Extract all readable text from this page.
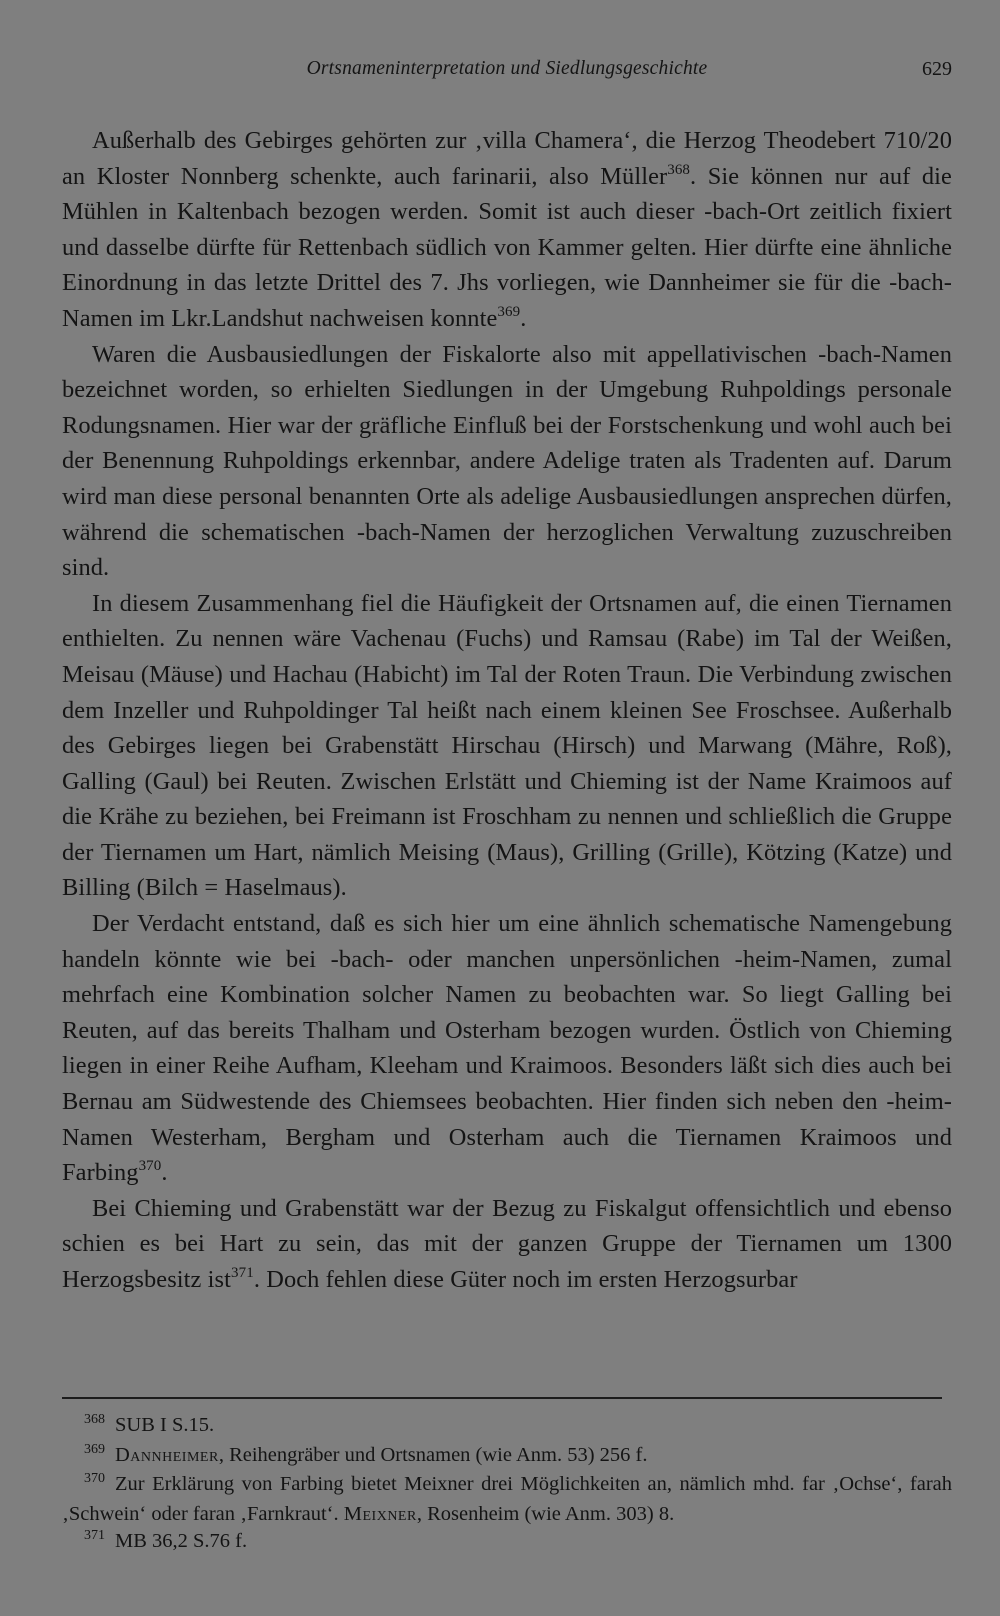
Ortsnameninterpretation und Siedlungsgeschichte	629

Außerhalb des Gebirges gehörten zur ‚villa Chamera‘, die Herzog Theodebert 710/20 an Kloster Nonnberg schenkte, auch farinarii, also Müller$^{368}$. Sie können nur auf die Mühlen in Kaltenbach bezogen werden. Somit ist auch dieser -bach-Ort zeitlich fixiert und dasselbe dürfte für Rettenbach südlich von Kammer gelten. Hier dürfte eine ähnliche Einordnung in das letzte Drittel des 7. Jhs vorliegen, wie Dannheimer sie für die -bach-Namen im Lkr.Landshut nachweisen konnte$^{369}$.

Waren die Ausbausiedlungen der Fiskalorte also mit appellativischen -bach-Namen bezeichnet worden, so erhielten Siedlungen in der Umgebung Ruhpoldings personale Rodungsnamen. Hier war der gräfliche Einfluß bei der Forstschenkung und wohl auch bei der Benennung Ruhpoldings erkennbar, andere Adelige traten als Tradenten auf. Darum wird man diese personal benannten Orte als adelige Ausbausiedlungen ansprechen dürfen, während die schematischen -bach-Namen der herzoglichen Verwaltung zuzuschreiben sind.

In diesem Zusammenhang fiel die Häufigkeit der Ortsnamen auf, die einen Tiernamen enthielten. Zu nennen wäre Vachenau (Fuchs) und Ramsau (Rabe) im Tal der Weißen, Meisau (Mäuse) und Hachau (Habicht) im Tal der Roten Traun. Die Verbindung zwischen dem Inzeller und Ruhpoldinger Tal heißt nach einem kleinen See Froschsee. Außerhalb des Gebirges liegen bei Grabenstätt Hirschau (Hirsch) und Marwang (Mähre, Roß), Galling (Gaul) bei Reuten. Zwischen Erlstätt und Chieming ist der Name Kraimoos auf die Krähe zu beziehen, bei Freimann ist Froschham zu nennen und schließlich die Gruppe der Tiernamen um Hart, nämlich Meising (Maus), Grilling (Grille), Kötzing (Katze) und Billing (Bilch = Haselmaus).

Der Verdacht entstand, daß es sich hier um eine ähnlich schematische Namengebung handeln könnte wie bei -bach- oder manchen unpersönlichen -heim-Namen, zumal mehrfach eine Kombination solcher Namen zu beobachten war. So liegt Galling bei Reuten, auf das bereits Thalham und Osterham bezogen wurden. Östlich von Chieming liegen in einer Reihe Aufham, Kleeham und Kraimoos. Besonders läßt sich dies auch bei Bernau am Südwestende des Chiemsees beobachten. Hier finden sich neben den -heim-Namen Westerham, Bergham und Osterham auch die Tiernamen Kraimoos und Farbing$^{370}$.

Bei Chieming und Grabenstätt war der Bezug zu Fiskalgut offensichtlich und ebenso schien es bei Hart zu sein, das mit der ganzen Gruppe der Tiernamen um 1300 Herzogsbesitz ist$^{371}$. Doch fehlen diese Güter noch im ersten Herzogsurbar

$^{368}$ SUB I S.15.

$^{369}$ Dannheimer, Reihengräber und Ortsnamen (wie Anm. 53) 256 f.

$^{370}$ Zur Erklärung von Farbing bietet Meixner drei Möglichkeiten an, nämlich mhd. far ‚Ochse‘, farah ‚Schwein‘ oder faran ‚Farnkraut‘. Meixner, Rosenheim (wie Anm. 303) 8.

$^{371}$ MB 36,2 S.76 f.
